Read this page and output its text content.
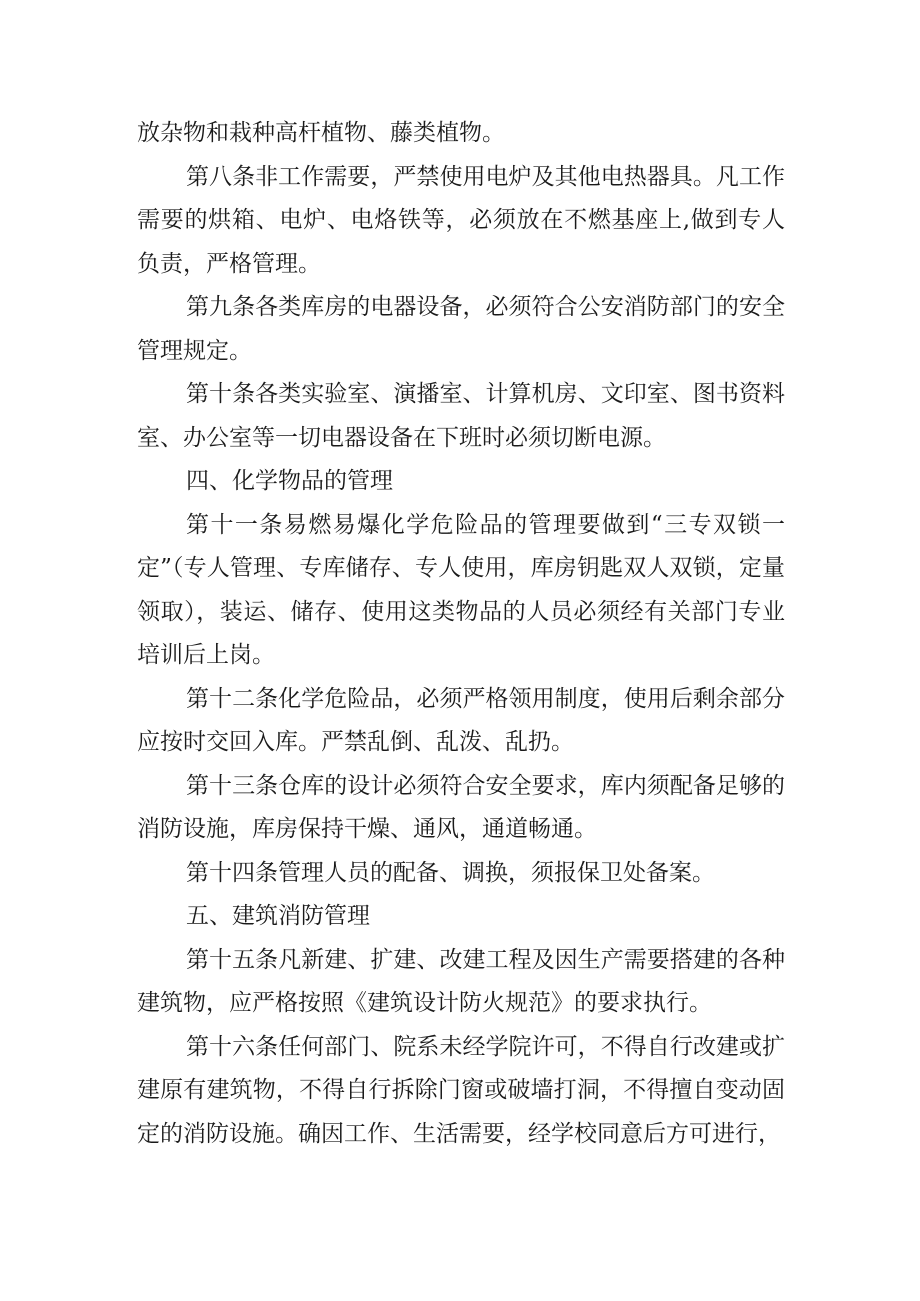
放杂物和栽种高杆植物、藤类植物。

第八条非工作需要，严禁使用电炉及其他电热器具。凡工作需要的烘箱、电炉、电烙铁等，必须放在不燃基座上,做到专人负责，严格管理。

第九条各类库房的电器设备，必须符合公安消防部门的安全管理规定。

第十条各类实验室、演播室、计算机房、文印室、图书资料室、办公室等一切电器设备在下班时必须切断电源。

四、化学物品的管理

第十一条易燃易爆化学危险品的管理要做到“三专双锁一定”（专人管理、专库储存、专人使用，库房钥匙双人双锁，定量领取），装运、储存、使用这类物品的人员必须经有关部门专业培训后上岗。

第十二条化学危险品，必须严格领用制度，使用后剩余部分应按时交回入库。严禁乱倒、乱泼、乱扔。

第十三条仓库的设计必须符合安全要求，库内须配备足够的消防设施，库房保持干燥、通风，通道畅通。

第十四条管理人员的配备、调换，须报保卫处备案。

五、建筑消防管理

第十五条凡新建、扩建、改建工程及因生产需要搭建的各种建筑物，应严格按照《建筑设计防火规范》的要求执行。

第十六条任何部门、院系未经学院许可，不得自行改建或扩建原有建筑物，不得自行拆除门窗或破墙打洞，不得擅自变动固定的消防设施。确因工作、生活需要，经学校同意后方可进行，
